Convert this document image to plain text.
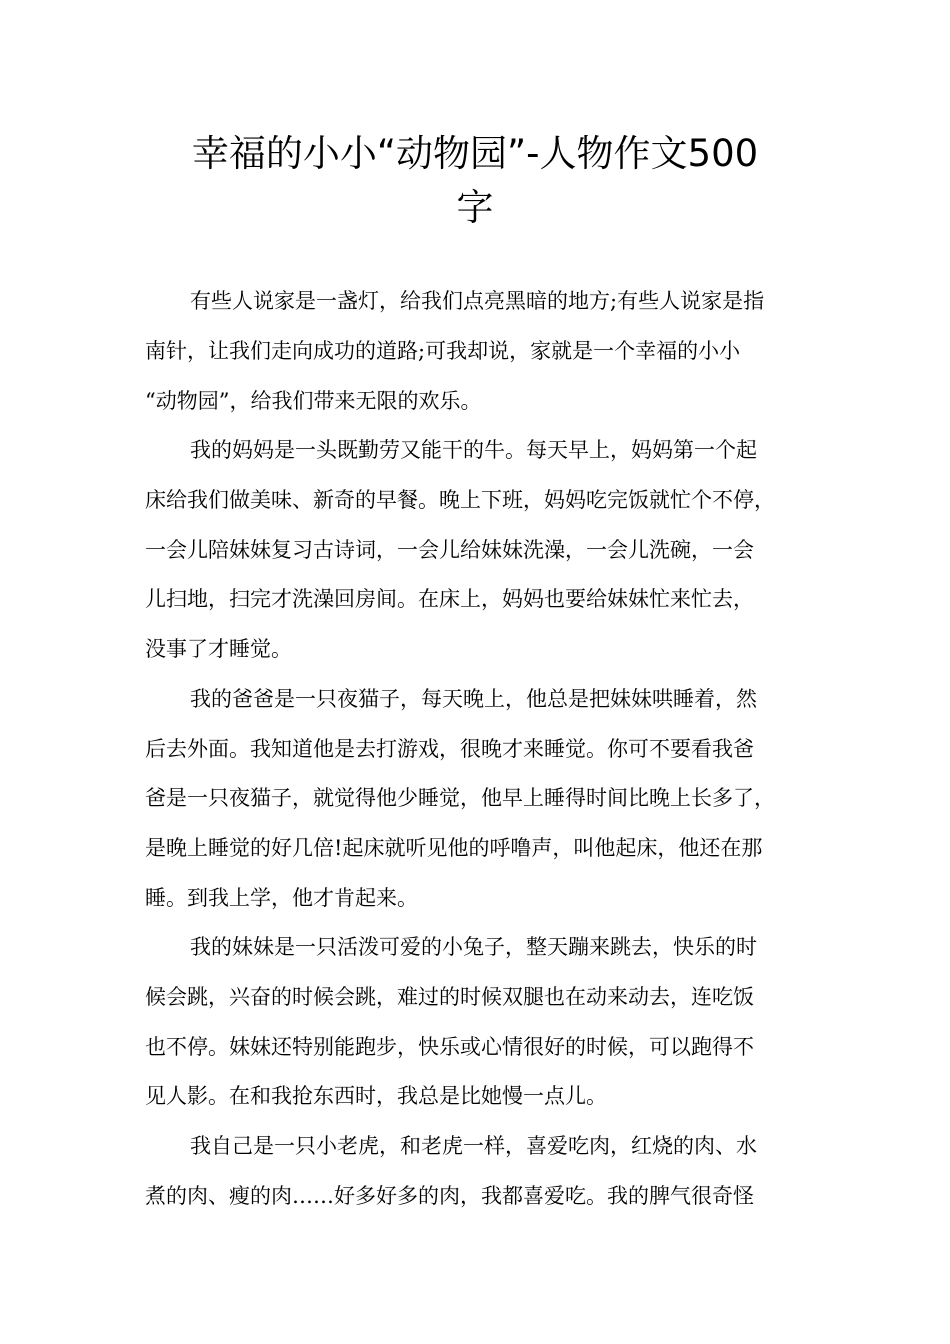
幸福的小小“动物园”-人物作文500
字
有些人说家是一盏灯，给我们点亮黑暗的地方;有些人说家是指
南针，让我们走向成功的道路;可我却说，家就是一个幸福的小小
“动物园”，给我们带来无限的欢乐。
我的妈妈是一头既勤劳又能干的牛。每天早上，妈妈第一个起
床给我们做美味、新奇的早餐。晚上下班，妈妈吃完饭就忙个不停，
一会儿陪妹妹复习古诗词，一会儿给妹妹洗澡，一会儿洗碗，一会
儿扫地，扫完才洗澡回房间。在床上，妈妈也要给妹妹忙来忙去，
没事了才睡觉。
我的爸爸是一只夜猫子，每天晚上，他总是把妹妹哄睡着，然
后去外面。我知道他是去打游戏，很晚才来睡觉。你可不要看我爸
爸是一只夜猫子，就觉得他少睡觉，他早上睡得时间比晚上长多了，
是晚上睡觉的好几倍!起床就听见他的呼噜声，叫他起床，他还在那
睡。到我上学，他才肯起来。
我的妹妹是一只活泼可爱的小兔子，整天蹦来跳去，快乐的时
候会跳，兴奋的时候会跳，难过的时候双腿也在动来动去，连吃饭
也不停。妹妹还特别能跑步，快乐或心情很好的时候，可以跑得不
见人影。在和我抢东西时，我总是比她慢一点儿。
我自己是一只小老虎，和老虎一样，喜爱吃肉，红烧的肉、水
煮的肉、瘦的肉……好多好多的肉，我都喜爱吃。我的脾气很奇怪
